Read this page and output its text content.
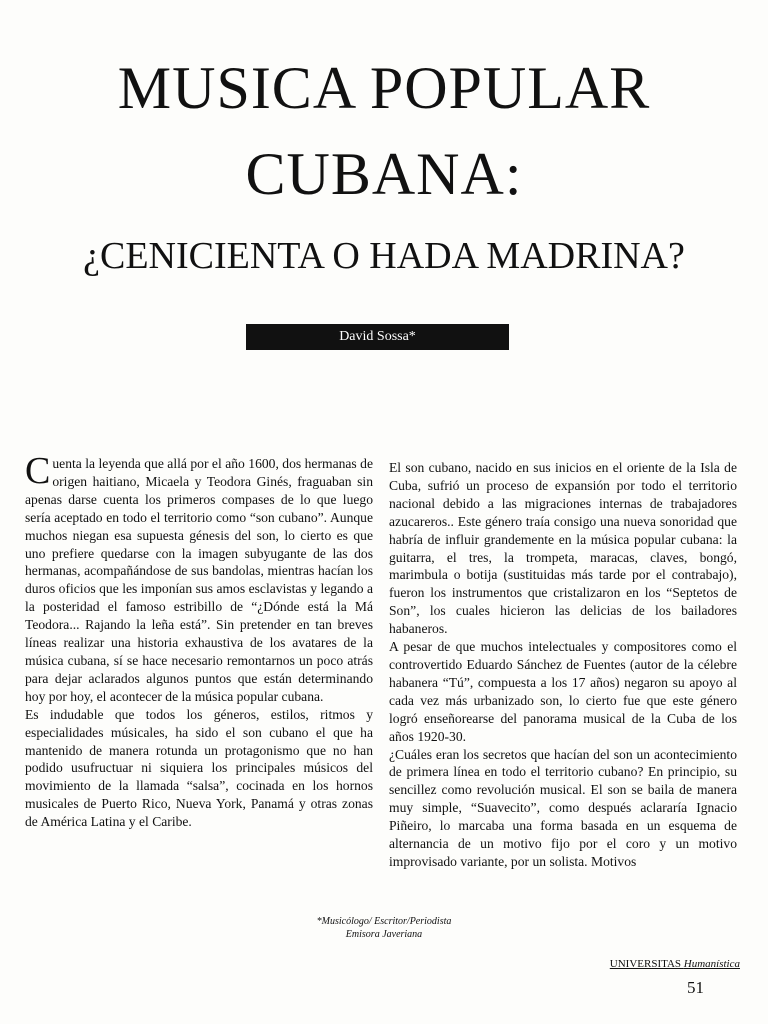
MUSICA POPULAR
CUBANA:
¿CENICIENTA O HADA MADRINA?
David Sossa*

Cuenta la leyenda que allá por el año 1600, dos hermanas de origen haitiano, Micaela y Teodora Ginés, fraguaban sin apenas darse cuenta los primeros compases de lo que luego sería aceptado en todo el territorio como “son cubano”. Aunque muchos niegan esa supuesta génesis del son, lo cierto es que uno prefiere quedarse con la imagen subyugante de las dos hermanas, acompañándose de sus bandolas, mientras hacían los duros oficios que les imponían sus amos esclavistas y legando a la posteridad el famoso estribillo de “¿Dónde está la Má Teodora... Rajando la leña está”. Sin pretender en tan breves líneas realizar una historia exhaustiva de los avatares de la música cubana, sí se hace necesario remontarnos un poco atrás para dejar aclarados algunos puntos que están determinando hoy por hoy, el acontecer de la música popular cubana.

Es indudable que todos los géneros, estilos, ritmos y especialidades músicales, ha sido el son cubano el que ha mantenido de manera rotunda un protagonismo que no han podido usufructuar ni siquiera los principales músicos del movimiento de la llamada “salsa”, cocinada en los hornos musicales de Puerto Rico, Nueva York, Panamá y otras zonas de América Latina y el Caribe.

El son cubano, nacido en sus inicios en el oriente de la Isla de Cuba, sufrió un proceso de expansión por todo el territorio nacional debido a las migraciones internas de trabajadores azucareros.. Este género traía consigo una nueva sonoridad que habría de influir grandemente en la música popular cubana: la guitarra, el tres, la trompeta, maracas, claves, bongó, marimbula o botija (sustituidas más tarde por el contrabajo), fueron los instrumentos que cristalizaron en los “Septetos de Son”, los cuales hicieron las delicias de los bailadores habaneros.

A pesar de que muchos intelectuales y compositores como el controvertido Eduardo Sánchez de Fuentes (autor de la célebre habanera “Tú”, compuesta a los 17 años) negaron su apoyo al cada vez más urbanizado son, lo cierto fue que este género logró enseñorearse del panorama musical de la Cuba de los años 1920-30.

¿Cuáles eran los secretos que hacían del son un acontecimiento de primera línea en todo el territorio cubano? En principio, su sencillez como revolución musical. El son se baila de manera muy simple, “Suavecito”, como después aclararía Ignacio Piñeiro, lo marcaba una forma basada en un esquema de alternancia de un motivo fijo por el coro y un motivo improvisado variante, por un solista. Motivos

*Musicólogo/ Escritor/Periodista
Emisora Javeriana
UNIVERSITAS Humanística
51
